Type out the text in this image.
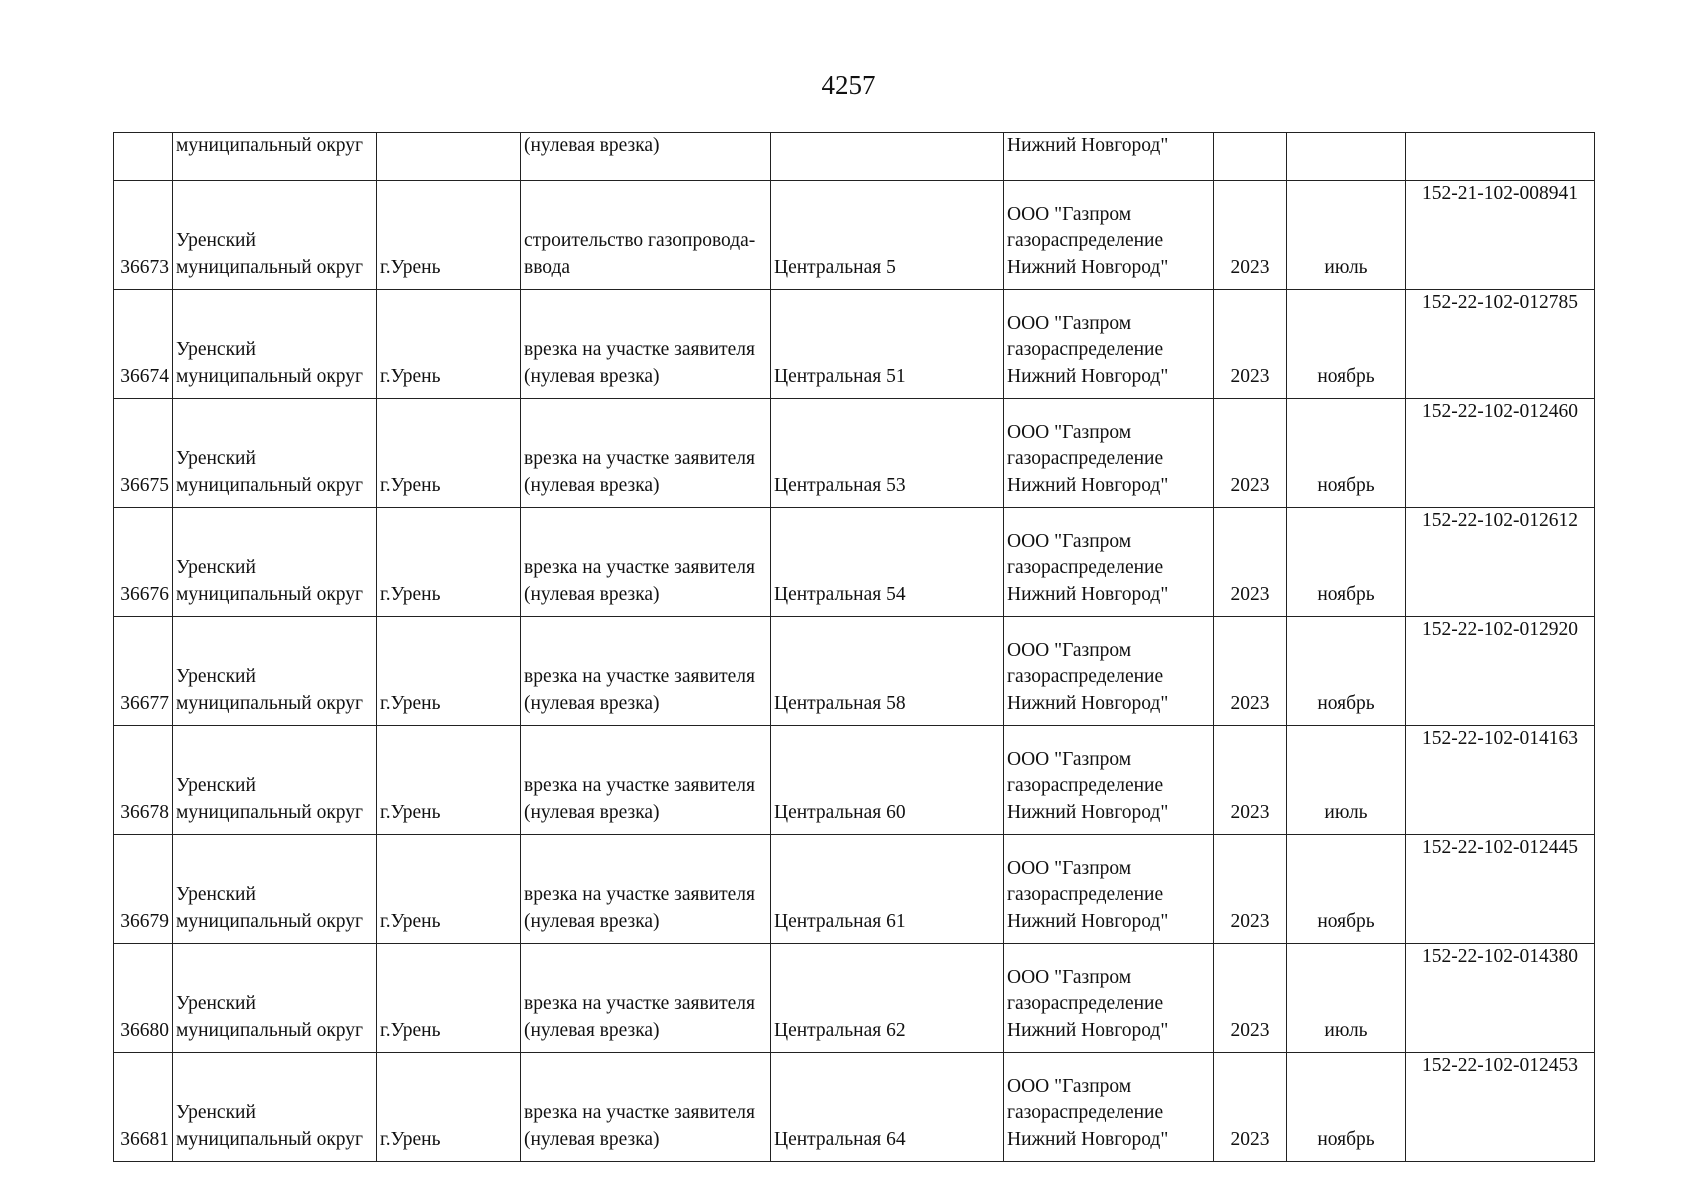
4257
	муниципальный округ		(нулевая врезка)		Нижний Новгород"			
36673	Уренский
муниципальный округ	г.Урень	строительство газопровода-
ввода	Центральная 5	ООО "Газпром
газораспределение
Нижний Новгород"	2023	июль	152-21-102-008941
36674	Уренский
муниципальный округ	г.Урень	врезка на участке заявителя
(нулевая врезка)	Центральная 51	ООО "Газпром
газораспределение
Нижний Новгород"	2023	ноябрь	152-22-102-012785
36675	Уренский
муниципальный округ	г.Урень	врезка на участке заявителя
(нулевая врезка)	Центральная 53	ООО "Газпром
газораспределение
Нижний Новгород"	2023	ноябрь	152-22-102-012460
36676	Уренский
муниципальный округ	г.Урень	врезка на участке заявителя
(нулевая врезка)	Центральная 54	ООО "Газпром
газораспределение
Нижний Новгород"	2023	ноябрь	152-22-102-012612
36677	Уренский
муниципальный округ	г.Урень	врезка на участке заявителя
(нулевая врезка)	Центральная 58	ООО "Газпром
газораспределение
Нижний Новгород"	2023	ноябрь	152-22-102-012920
36678	Уренский
муниципальный округ	г.Урень	врезка на участке заявителя
(нулевая врезка)	Центральная 60	ООО "Газпром
газораспределение
Нижний Новгород"	2023	июль	152-22-102-014163
36679	Уренский
муниципальный округ	г.Урень	врезка на участке заявителя
(нулевая врезка)	Центральная 61	ООО "Газпром
газораспределение
Нижний Новгород"	2023	ноябрь	152-22-102-012445
36680	Уренский
муниципальный округ	г.Урень	врезка на участке заявителя
(нулевая врезка)	Центральная 62	ООО "Газпром
газораспределение
Нижний Новгород"	2023	июль	152-22-102-014380
36681	Уренский
муниципальный округ	г.Урень	врезка на участке заявителя
(нулевая врезка)	Центральная 64	ООО "Газпром
газораспределение
Нижний Новгород"	2023	ноябрь	152-22-102-012453
